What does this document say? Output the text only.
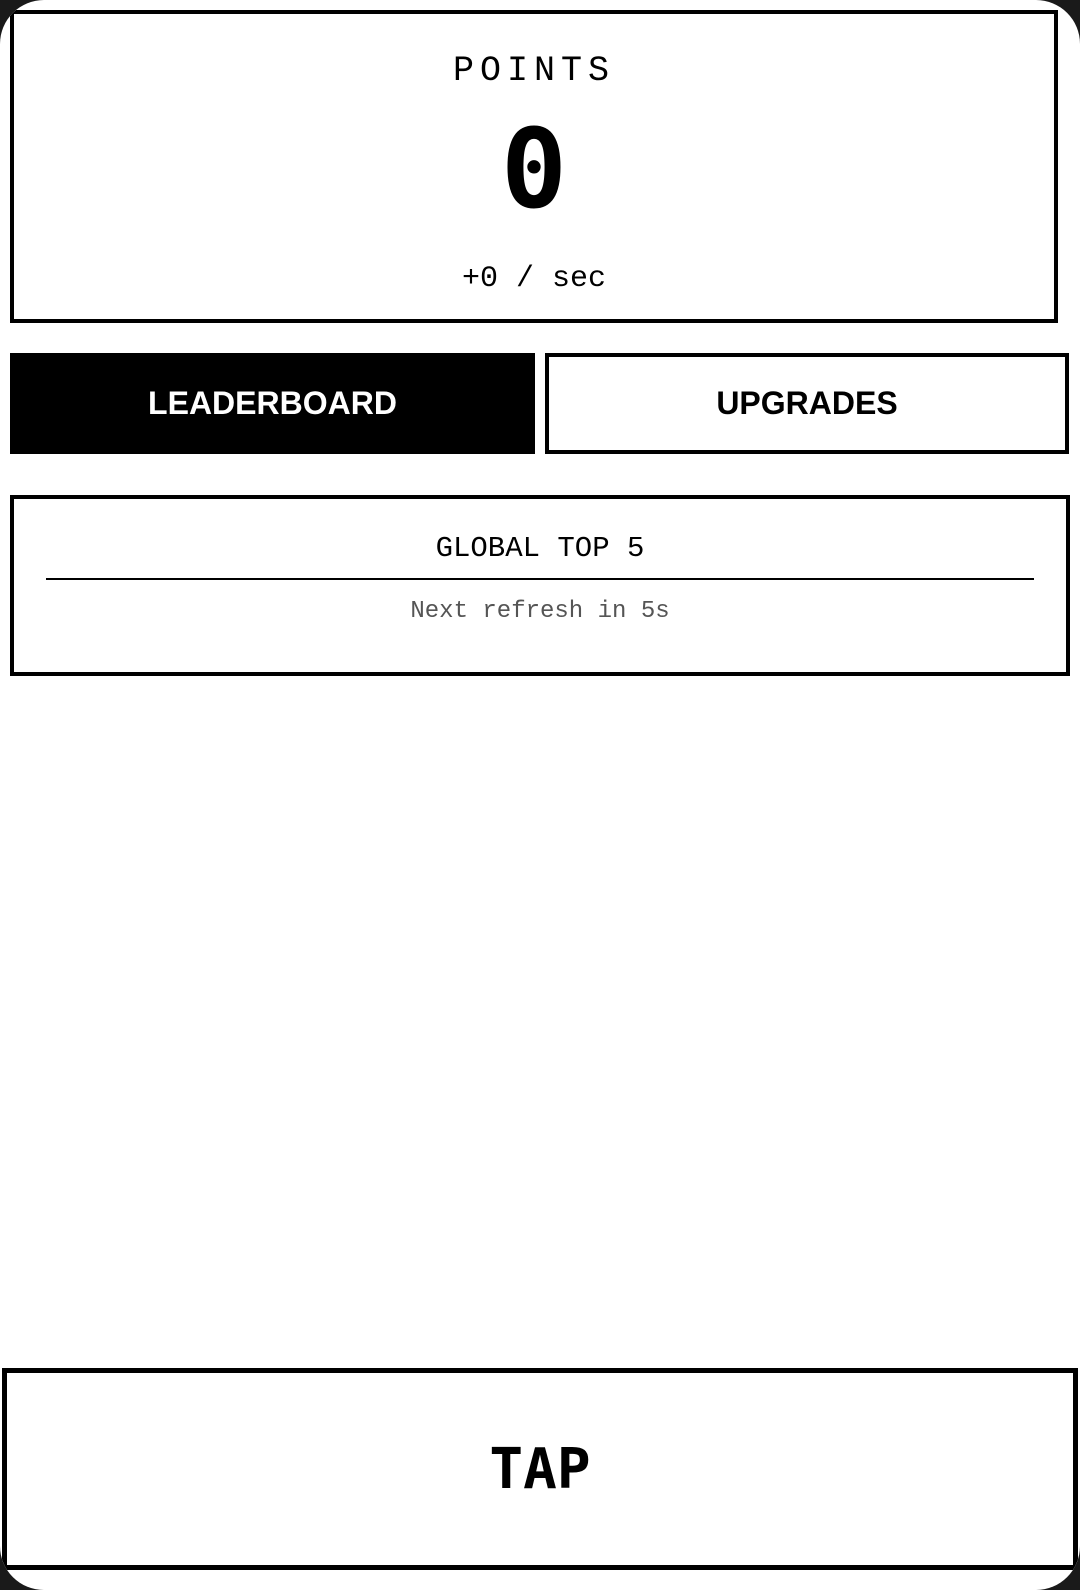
POINTS
0
+0 / sec
LEADERBOARD	UPGRADES
GLOBAL TOP 5
Next refresh in 5s
TAP
